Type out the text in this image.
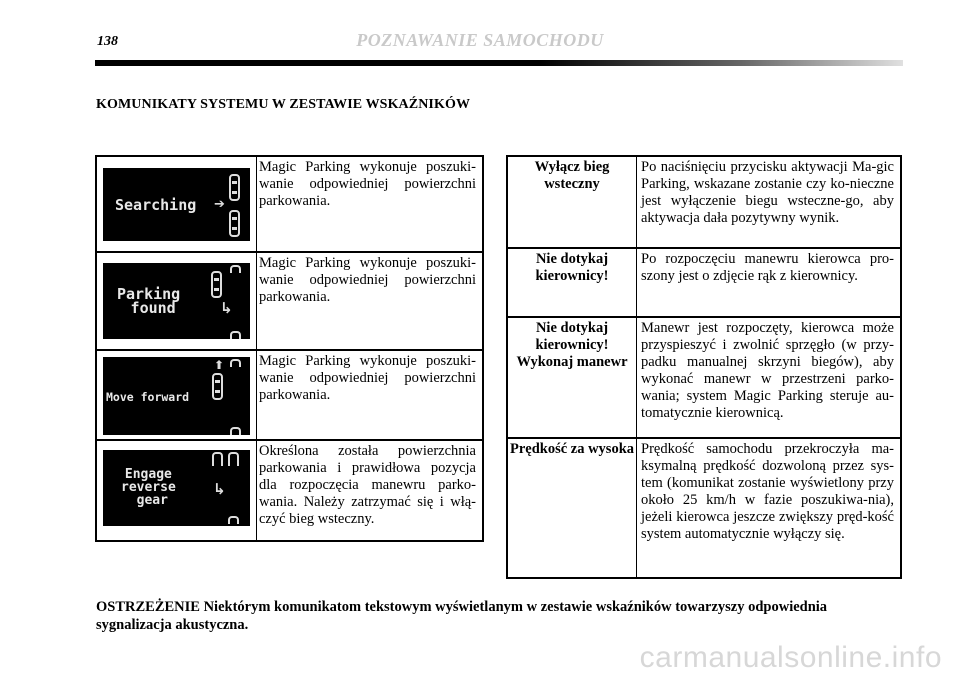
138	POZNAWANIE SAMOCHODU
KOMUNIKATY SYSTEMU W ZESTAWIE WSKAŹNIKÓW
Searching ➔
Magic Parking wykonuje poszuki-wanie odpowiedniej powierzchni parkowania.
Parking
found	↳
Magic Parking wykonuje poszuki-wanie odpowiedniej powierzchni parkowania.
Move forward
⬆ Magic Parking wykonuje poszuki-wanie odpowiedniej powierzchni parkowania.
Engage
reverse
gear
↳
Określona została powierzchnia parkowania i prawidłowa pozycja dla rozpoczęcia manewru parko-wania. Należy zatrzymać się i włą-czyć bieg wsteczny.
Wyłącz bieg wsteczny
Po naciśnięciu przycisku aktywacji Ma-gic Parking, wskazane zostanie czy ko-nieczne jest wyłączenie biegu wsteczne-go, aby aktywacja dała pozytywny wynik.
Nie dotykaj kierownicy!
Po rozpoczęciu manewru kierowca pro-szony jest o zdjęcie rąk z kierownicy.
Nie dotykaj kierownicy! Wykonaj manewr
Manewr jest rozpoczęty, kierowca może przyspieszyć i zwolnić sprzęgło (w przy-padku manualnej skrzyni biegów), aby wykonać manewr w przestrzeni parko-wania; system Magic Parking steruje au-tomatycznie kierownicą.
Prędkość za wysoka Prędkość samochodu przekroczyła ma-ksymalną prędkość dozwoloną przez sys-tem (komunikat zostanie wyświetlony przy około 25 km/h w fazie poszukiwa-nia), jeżeli kierowca jeszcze zwiększy pręd-kość system automatycznie wyłączy się.
OSTRZEŻENIE Niektórym komunikatom tekstowym wyświetlanym w zestawie wskaźników towarzyszy odpowiednia sygnalizacja akustyczna.
carmanualsonline.info
